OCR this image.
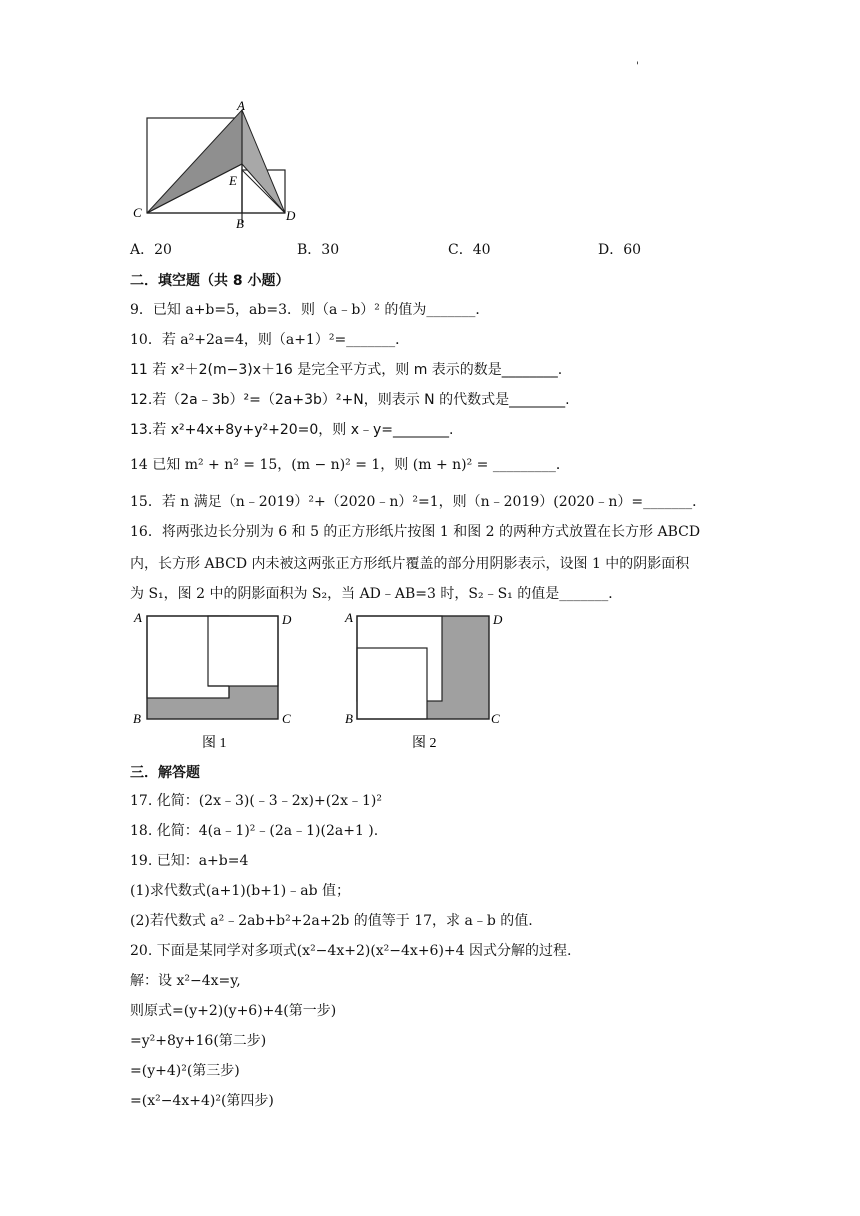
'
A
C
E
B
D
A．20	B．30	C．40	D．60
二．填空题（共 8 小题）
9．已知 a+b=5，ab=3．则（a﹣b）² 的值为_______．
10．若 a²+2a=4，则（a+1）²=_______．
11 若 x²＋2(m−3)x＋16 是完全平方式，则 m 表示的数是________.
12.若（2a﹣3b）²=（2a+3b）²+N，则表示 N 的代数式是________.
13.若 x²+4x+8y+y²+20=0，则 x﹣y=________.
14 已知 m² + n² = 15，(m − n)² = 1，则 (m + n)² = _________．
15．若 n 满足（n﹣2019）²+（2020﹣n）²=1，则（n﹣2019）(2020﹣n）=_______．
16．将两张边长分别为 6 和 5 的正方形纸片按图 1 和图 2 的两种方式放置在长方形 ABCD
内，长方形 ABCD 内未被这两张正方形纸片覆盖的部分用阴影表示，设图 1 中的阴影面积
为 S₁，图 2 中的阴影面积为 S₂，当 AD﹣AB=3 时，S₂﹣S₁ 的值是_______．
A	D
B	C
图 1
A	D
B	C
图 2
三．解答题
17. 化简：(2x﹣3)(﹣3﹣2x)+(2x﹣1)²
18. 化简：4(a﹣1)²﹣(2a﹣1)(2a+1 ).
19. 已知：a+b=4
(1)求代数式(a+1)(b+1)﹣ab 值；
(2)若代数式 a²﹣2ab+b²+2a+2b 的值等于 17，求 a﹣b 的值.
20. 下面是某同学对多项式(x²−4x+2)(x²−4x+6)+4 因式分解的过程.
解：设 x²−4x=y,
则原式=(y+2)(y+6)+4(第一步)
=y²+8y+16(第二步)
=(y+4)²(第三步)
=(x²−4x+4)²(第四步)
